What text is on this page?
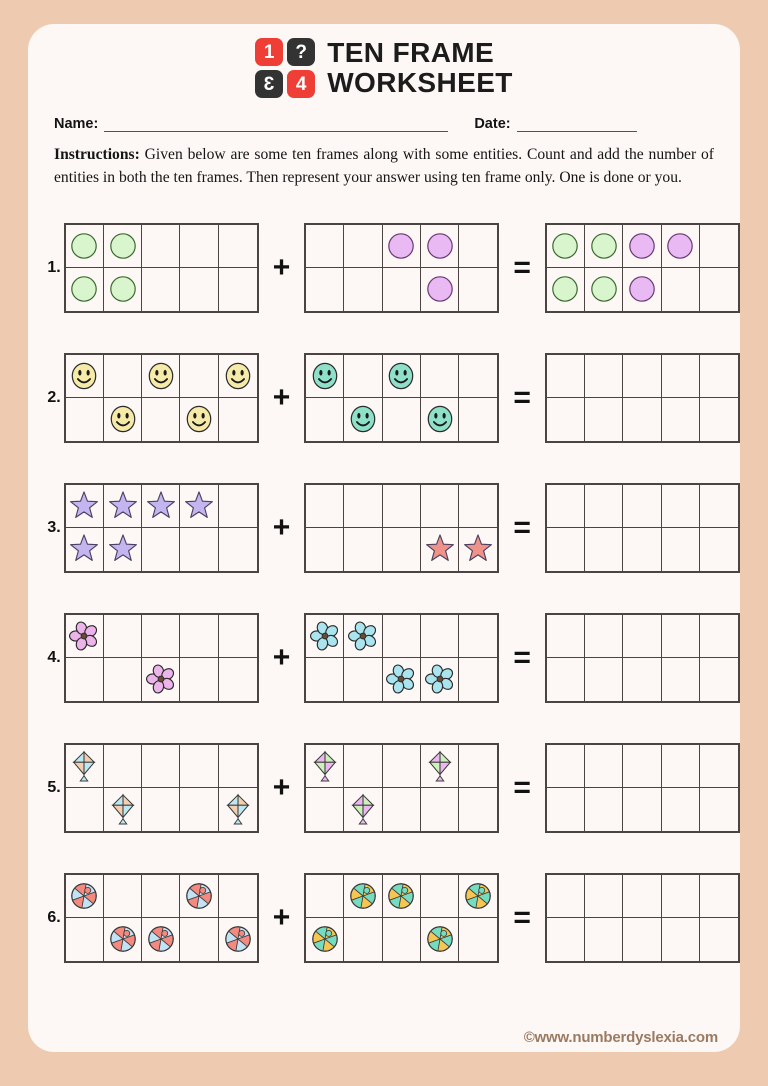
1	?
3	4
TEN FRAME
WORKSHEET
Name:	Date:

Instructions: Given below are some ten frames along with some entities. Count and add the number of entities in both the ten frames. Then represent your answer using ten frame only. One is done or you.

1.	+	=
2.	+	=
3.	+	=
4.	+	=
5.	+	=
6.	+	=
©www.numberdyslexia.com
